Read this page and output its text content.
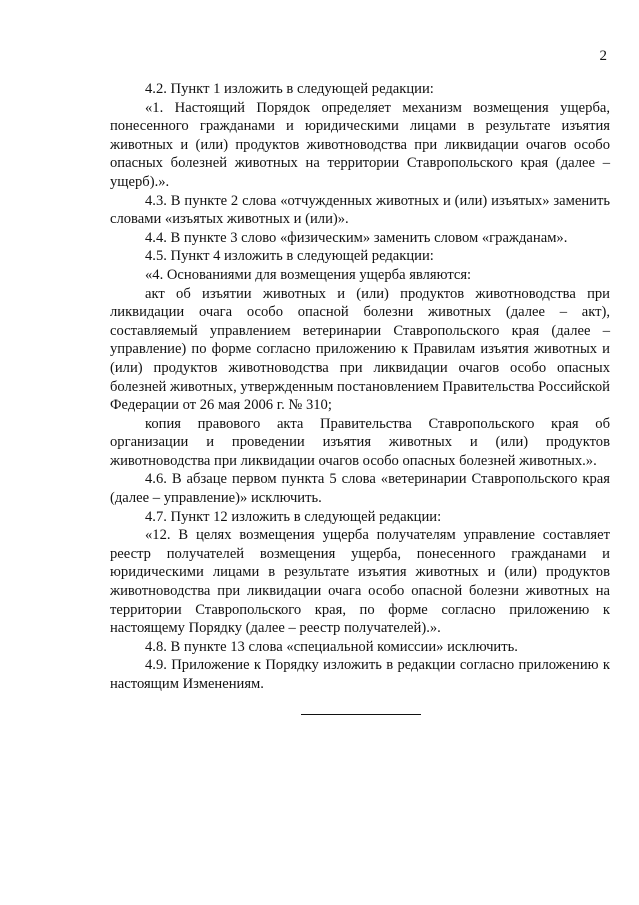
2

4.2. Пункт 1 изложить в следующей редакции:

«1. Настоящий Порядок определяет механизм возмещения ущерба, понесенного гражданами и юридическими лицами в результате изъятия животных и (или) продуктов животноводства при ликвидации очагов особо опасных болезней животных на территории Ставропольского края (далее – ущерб).».

4.3. В пункте 2 слова «отчужденных животных и (или) изъятых» заменить словами «изъятых животных и (или)».

4.4. В пункте 3 слово «физическим» заменить словом «гражданам».

4.5. Пункт 4 изложить в следующей редакции:

«4. Основаниями для возмещения ущерба являются:

акт об изъятии животных и (или) продуктов животноводства при ликвидации очага особо опасной болезни животных (далее – акт), составляемый управлением ветеринарии Ставропольского края (далее – управление) по форме согласно приложению к Правилам изъятия животных и (или) продуктов животноводства при ликвидации очагов особо опасных болезней животных, утвержденным постановлением Правительства Российской Федерации от 26 мая 2006 г. № 310;

копия правового акта Правительства Ставропольского края об организации и проведении изъятия животных и (или) продуктов животноводства при ликвидации очагов особо опасных болезней животных.».

4.6. В абзаце первом пункта 5 слова «ветеринарии Ставропольского края (далее – управление)» исключить.

4.7. Пункт 12 изложить в следующей редакции:

«12. В целях возмещения ущерба получателям управление составляет реестр получателей возмещения ущерба, понесенного гражданами и юридическими лицами в результате изъятия животных и (или) продуктов животноводства при ликвидации очага особо опасной болезни животных на территории Ставропольского края, по форме согласно приложению к настоящему Порядку (далее – реестр получателей).».

4.8. В пункте 13 слова «специальной комиссии» исключить.

4.9. Приложение к Порядку изложить в редакции согласно приложению к настоящим Изменениям.
